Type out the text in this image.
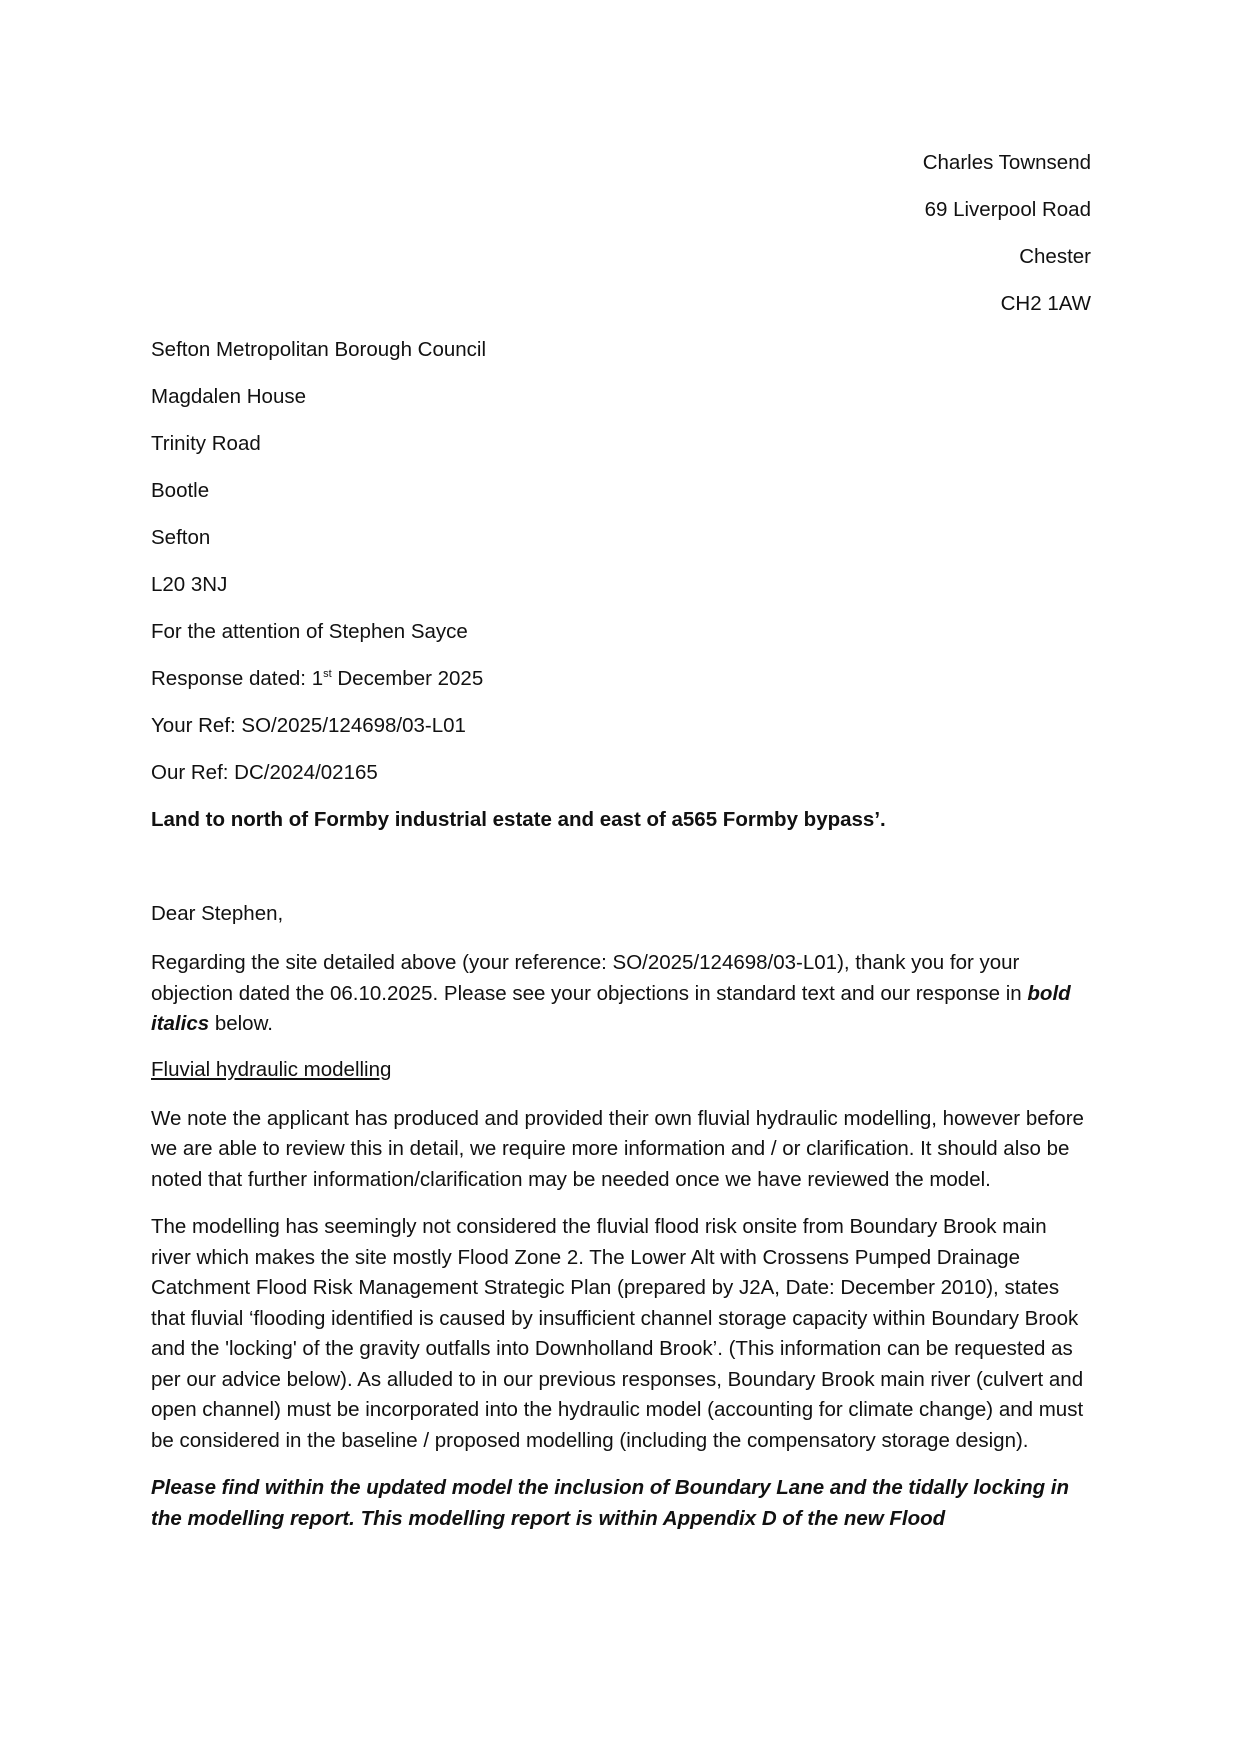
Charles Townsend
69 Liverpool Road
Chester
CH2 1AW
Sefton Metropolitan Borough Council
Magdalen House
Trinity Road
Bootle
Sefton
L20 3NJ
For the attention of Stephen Sayce
Response dated: 1st December 2025
Your Ref: SO/2025/124698/03-L01
Our Ref: DC/2024/02165
Land to north of Formby industrial estate and east of a565 Formby bypass’.
Dear Stephen,

Regarding the site detailed above (your reference: SO/2025/124698/03-L01), thank you for your objection dated the 06.10.2025. Please see your objections in standard text and our response in bold italics below.

Fluvial hydraulic modelling

We note the applicant has produced and provided their own fluvial hydraulic modelling, however before we are able to review this in detail, we require more information and / or clarification. It should also be noted that further information/clarification may be needed once we have reviewed the model.

The modelling has seemingly not considered the fluvial flood risk onsite from Boundary Brook main river which makes the site mostly Flood Zone 2. The Lower Alt with Crossens Pumped Drainage Catchment Flood Risk Management Strategic Plan (prepared by J2A, Date: December 2010), states that fluvial ‘flooding identified is caused by insufficient channel storage capacity within Boundary Brook and the 'locking' of the gravity outfalls into Downholland Brook’. (This information can be requested as per our advice below). As alluded to in our previous responses, Boundary Brook main river (culvert and open channel) must be incorporated into the hydraulic model (accounting for climate change) and must be considered in the baseline / proposed modelling (including the compensatory storage design).

Please find within the updated model the inclusion of Boundary Lane and the tidally locking in the modelling report. This modelling report is within Appendix D of the new Flood
